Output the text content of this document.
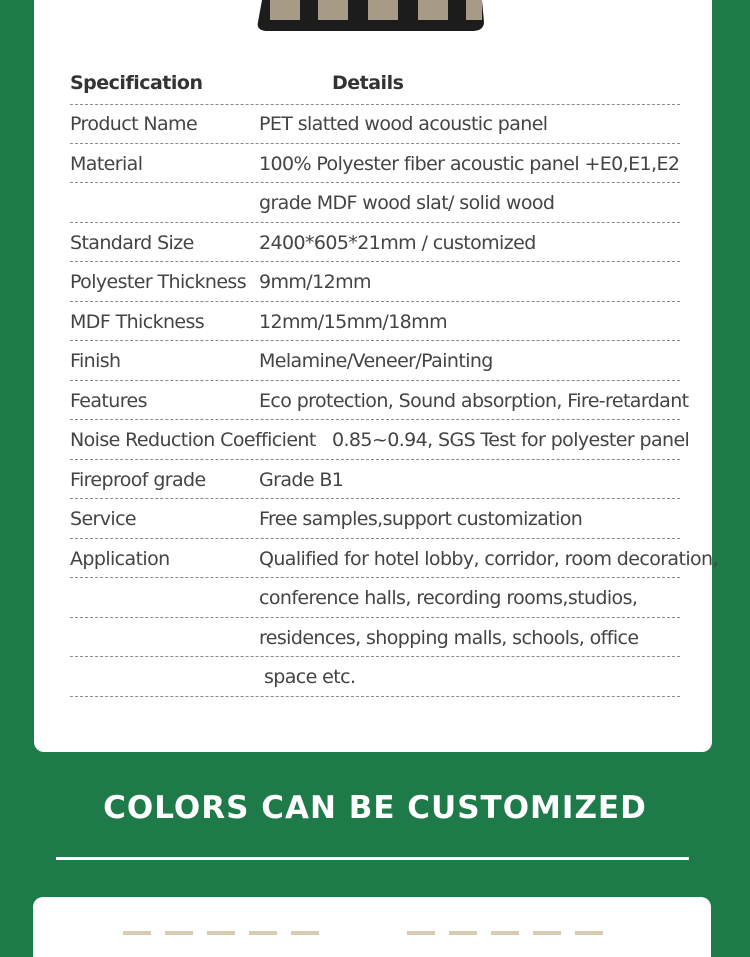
Specification	Details
Product Name	PET slatted wood acoustic panel
Material	100% Polyester fiber acoustic panel +E0,E1,E2
grade MDF wood slat/ solid wood
Standard Size	2400*605*21mm / customized
Polyester Thickness 9mm/12mm
MDF Thickness	12mm/15mm/18mm
Finish	Melamine/Veneer/Painting
Features	Eco protection, Sound absorption, Fire-retardant
Noise Reduction Coefficient 0.85~0.94, SGS Test for polyester panel
Fireproof grade	Grade B1
Service	Free samples,support customization
Application	Qualified for hotel lobby, corridor, room decoration,
conference halls, recording rooms,studios,
residences, shopping malls, schools, office
space etc.
COLORS CAN BE CUSTOMIZED
